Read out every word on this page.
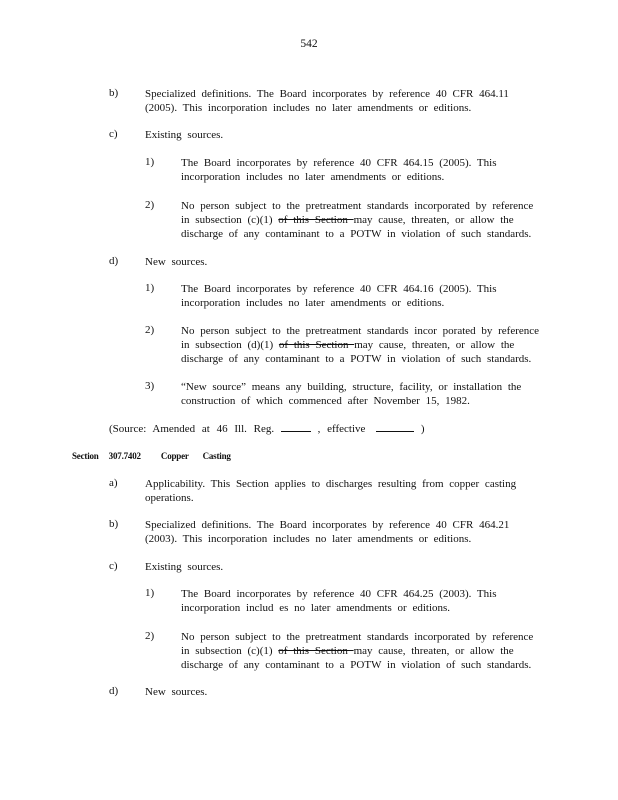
542
b) Specialized definitions. The Board incorporates by reference 40 CFR 464.11
(2005). This incorporation includes no later amendments or editions.
c) Existing sources.
1) The Board incorporates by reference 40 CFR 464.15 (2005). This
incorporation includes no later amendments or editions.
2) No person subject to the pretreatment standards incorporated by reference
in subsection (c)(1) of this Section may cause, threaten, or allow the
discharge of any contaminant to a POTW in violation of such standards.
d) New sources.
1) The Board incorporates by reference 40 CFR 464.16 (2005). This
incorporation includes no later amendments or editions.
2) No person subject to the pretreatment standards incor porated by reference
in subsection (d)(1) of this Section may cause, threaten, or allow the
discharge of any contaminant to a POTW in violation of such standards.
3) “New source” means any building, structure, facility, or installation the
construction of which commenced after November 15, 1982.
(Source: Amended at 46 Ill. Reg.	, effective	)
Section 307.7402 Copper Casting
a) Applicability. This Section applies to discharges resulting from copper casting
operations.
b) Specialized definitions. The Board incorporates by reference 40 CFR 464.21
(2003). This incorporation includes no later amendments or editions.
c) Existing sources.
1) The Board incorporates by reference 40 CFR 464.25 (2003). This
incorporation includ es no later amendments or editions.
2) No person subject to the pretreatment standards incorporated by reference
in subsection (c)(1) of this Section may cause, threaten, or allow the
discharge of any contaminant to a POTW in violation of such standards.
d) New sources.
